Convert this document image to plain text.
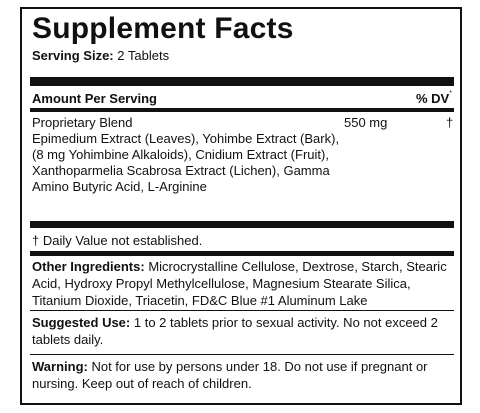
Supplement Facts
Serving Size: 2 Tablets
Amount Per Serving	% DV*
Proprietary Blend	550 mg	†
Epimedium Extract (Leaves), Yohimbe Extract (Bark), (8 mg Yohimbine Alkaloids), Cnidium Extract (Fruit), Xanthoparmelia Scabrosa Extract (Lichen), Gamma Amino Butyric Acid, L-Arginine
† Daily Value not established.
Other Ingredients: Microcrystalline Cellulose, Dextrose, Starch, Stearic Acid, Hydroxy Propyl Methylcellulose, Magnesium Stearate Silica, Titanium Dioxide, Triacetin, FD&C Blue #1 Aluminum Lake
Suggested Use: 1 to 2 tablets prior to sexual activity. No not exceed 2 tablets daily.
Warning: Not for use by persons under 18. Do not use if pregnant or nursing. Keep out of reach of children.
